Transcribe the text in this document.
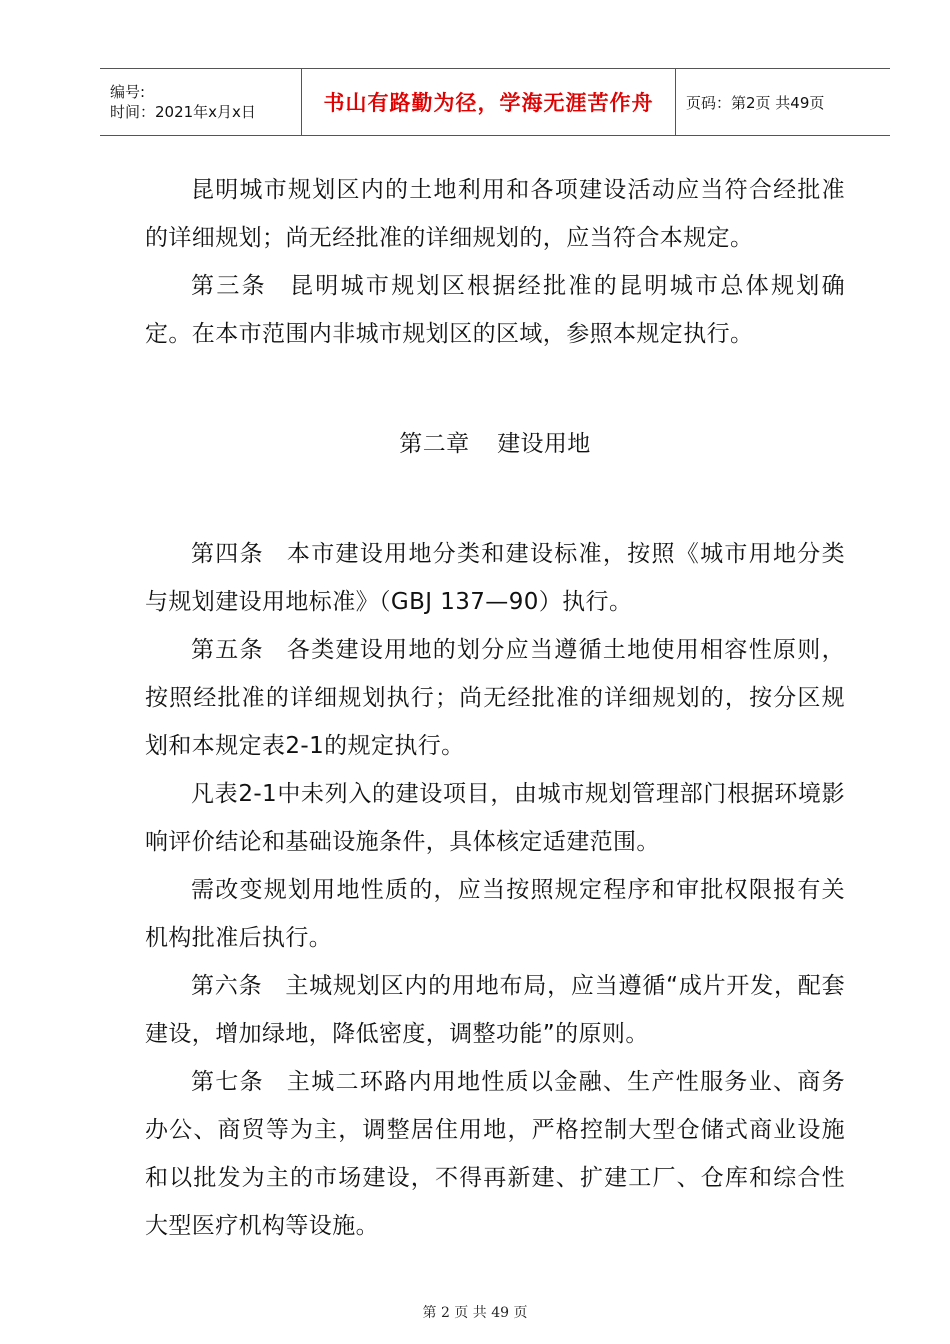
编号:
时间：2021年x月x日	书山有路勤为径，学海无涯苦作舟 页码：第2页 共49页

昆明城市规划区内的土地利用和各项建设活动应当符合经批准的详细规划；尚无经批准的详细规划的，应当符合本规定。

第三条 昆明城市规划区根据经批准的昆明城市总体规划确定。在本市范围内非城市规划区的区域，参照本规定执行。

第二章 建设用地

第四条 本市建设用地分类和建设标准，按照《城市用地分类与规划建设用地标准》（GBJ 137—90）执行。

第五条 各类建设用地的划分应当遵循土地使用相容性原则，按照经批准的详细规划执行；尚无经批准的详细规划的，按分区规划和本规定表2-1的规定执行。

凡表2-1中未列入的建设项目，由城市规划管理部门根据环境影响评价结论和基础设施条件，具体核定适建范围。

需改变规划用地性质的，应当按照规定程序和审批权限报有关机构批准后执行。

第六条 主城规划区内的用地布局，应当遵循“成片开发，配套建设，增加绿地，降低密度，调整功能”的原则。

第七条 主城二环路内用地性质以金融、生产性服务业、商务办公、商贸等为主，调整居住用地，严格控制大型仓储式商业设施和以批发为主的市场建设，不得再新建、扩建工厂、仓库和综合性大型医疗机构等设施。

第 2 页 共 49 页
